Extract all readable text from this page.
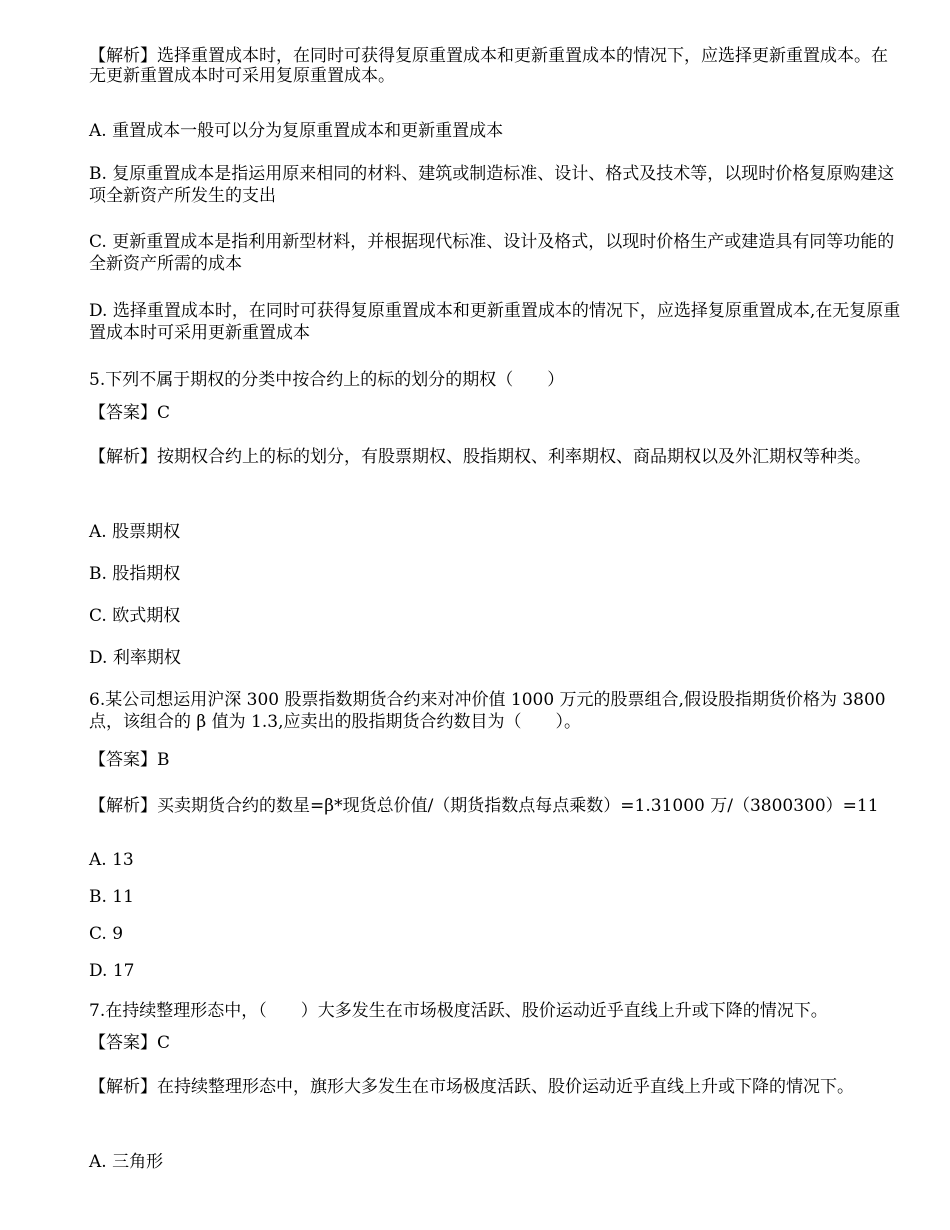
【解析】选择重置成本时，在同时可获得复原重置成本和更新重置成本的情况下，应选择更新重置成本。在无更新重置成本时可采用复原重置成本。
A. 重置成本一般可以分为复原重置成本和更新重置成本
B. 复原重置成本是指运用原来相同的材料、建筑或制造标准、设计、格式及技术等，以现时价格复原购建这项全新资产所发生的支出
C. 更新重置成本是指利用新型材料，并根据现代标准、设计及格式，以现时价格生产或建造具有同等功能的全新资产所需的成本
D. 选择重置成本时，在同时可获得复原重置成本和更新重置成本的情况下，应选择复原重置成本,在无复原重置成本时可采用更新重置成本
5.下列不属于期权的分类中按合约上的标的划分的期权（　　）
【答案】C
【解析】按期权合约上的标的划分，有股票期权、股指期权、利率期权、商品期权以及外汇期权等种类。
A. 股票期权
B. 股指期权
C. 欧式期权
D. 利率期权
6.某公司想运用沪深 300 股票指数期货合约来对冲价值 1000 万元的股票组合,假设股指期货价格为 3800 点，该组合的 β 值为 1.3,应卖出的股指期货合约数目为（　　）。
【答案】B
【解析】买卖期货合约的数星=β*现货总价值/（期货指数点每点乘数）=1.31000 万/（3800300）=11
A. 13
B. 11
C. 9
D. 17
7.在持续整理形态中，（　　）大多发生在市场极度活跃、股价运动近乎直线上升或下降的情况下。
【答案】C
【解析】在持续整理形态中，旗形大多发生在市场极度活跃、股价运动近乎直线上升或下降的情况下。
A. 三角形
